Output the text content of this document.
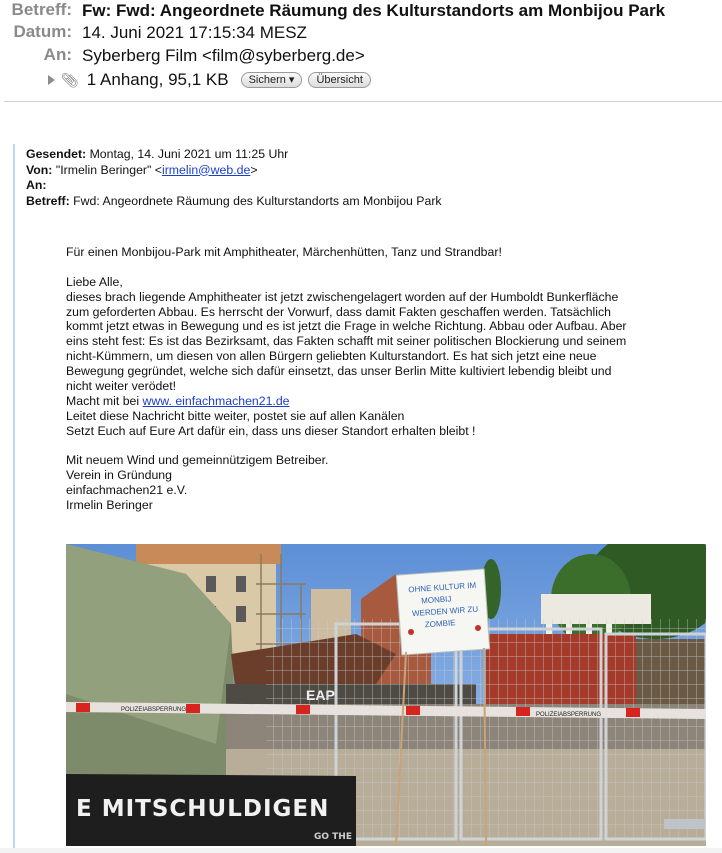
Betreff: Fw: Fwd: Angeordnete Räumung des Kulturstandorts am Monbijou Park
Datum: 14. Juni 2021 17:15:34 MESZ
An: Syberberg Film <film@syberberg.de>
📎︎ 1 Anhang, 95,1 KB	Sichern ▾	Übersicht
Gesendet: Montag, 14. Juni 2021 um 11:25 Uhr
Von: "Irmelin Beringer" <irmelin@web.de>
An:
Betreff: Fwd: Angeordnete Räumung des Kulturstandorts am Monbijou Park
Für einen Monbijou-Park mit Amphitheater, Märchenhütten, Tanz und Strandbar!
Liebe Alle,
dieses brach liegende Amphitheater ist jetzt zwischengelagert worden auf der Humboldt Bunkerfläche
zum geforderten Abbau. Es herrscht der Vorwurf, dass damit Fakten geschaffen werden. Tatsächlich
kommt jetzt etwas in Bewegung und es ist jetzt die Frage in welche Richtung. Abbau oder Aufbau. Aber
eins steht fest: Es ist das Bezirksamt, das Fakten schafft mit seiner politischen Blockierung und seinem
nicht-Kümmern, um diesen von allen Bürgern geliebten Kulturstandort. Es hat sich jetzt eine neue
Bewegung gegründet, welche sich dafür einsetzt, das unser Berlin Mitte kultiviert lebendig bleibt und
nicht weiter verödet!
Macht mit bei www. einfachmachen21.de
Leitet diese Nachricht bitte weiter, postet sie auf allen Kanälen
Setzt Euch auf Eure Art dafür ein, dass uns dieser Standort erhalten bleibt !
Mit neuem Wind und gemeinnützigem Betreiber.
Verein in Gründung
einfachmachen21 e.V.
Irmelin Beringer
POLIZEIABSPERRUNG
POLIZEIABSPERRUNG
OHNE KULTUR IM
MONBIJ
WERDEN WIR ZU
ZOMBIE
E MITSCHULDIGEN
GO THE
